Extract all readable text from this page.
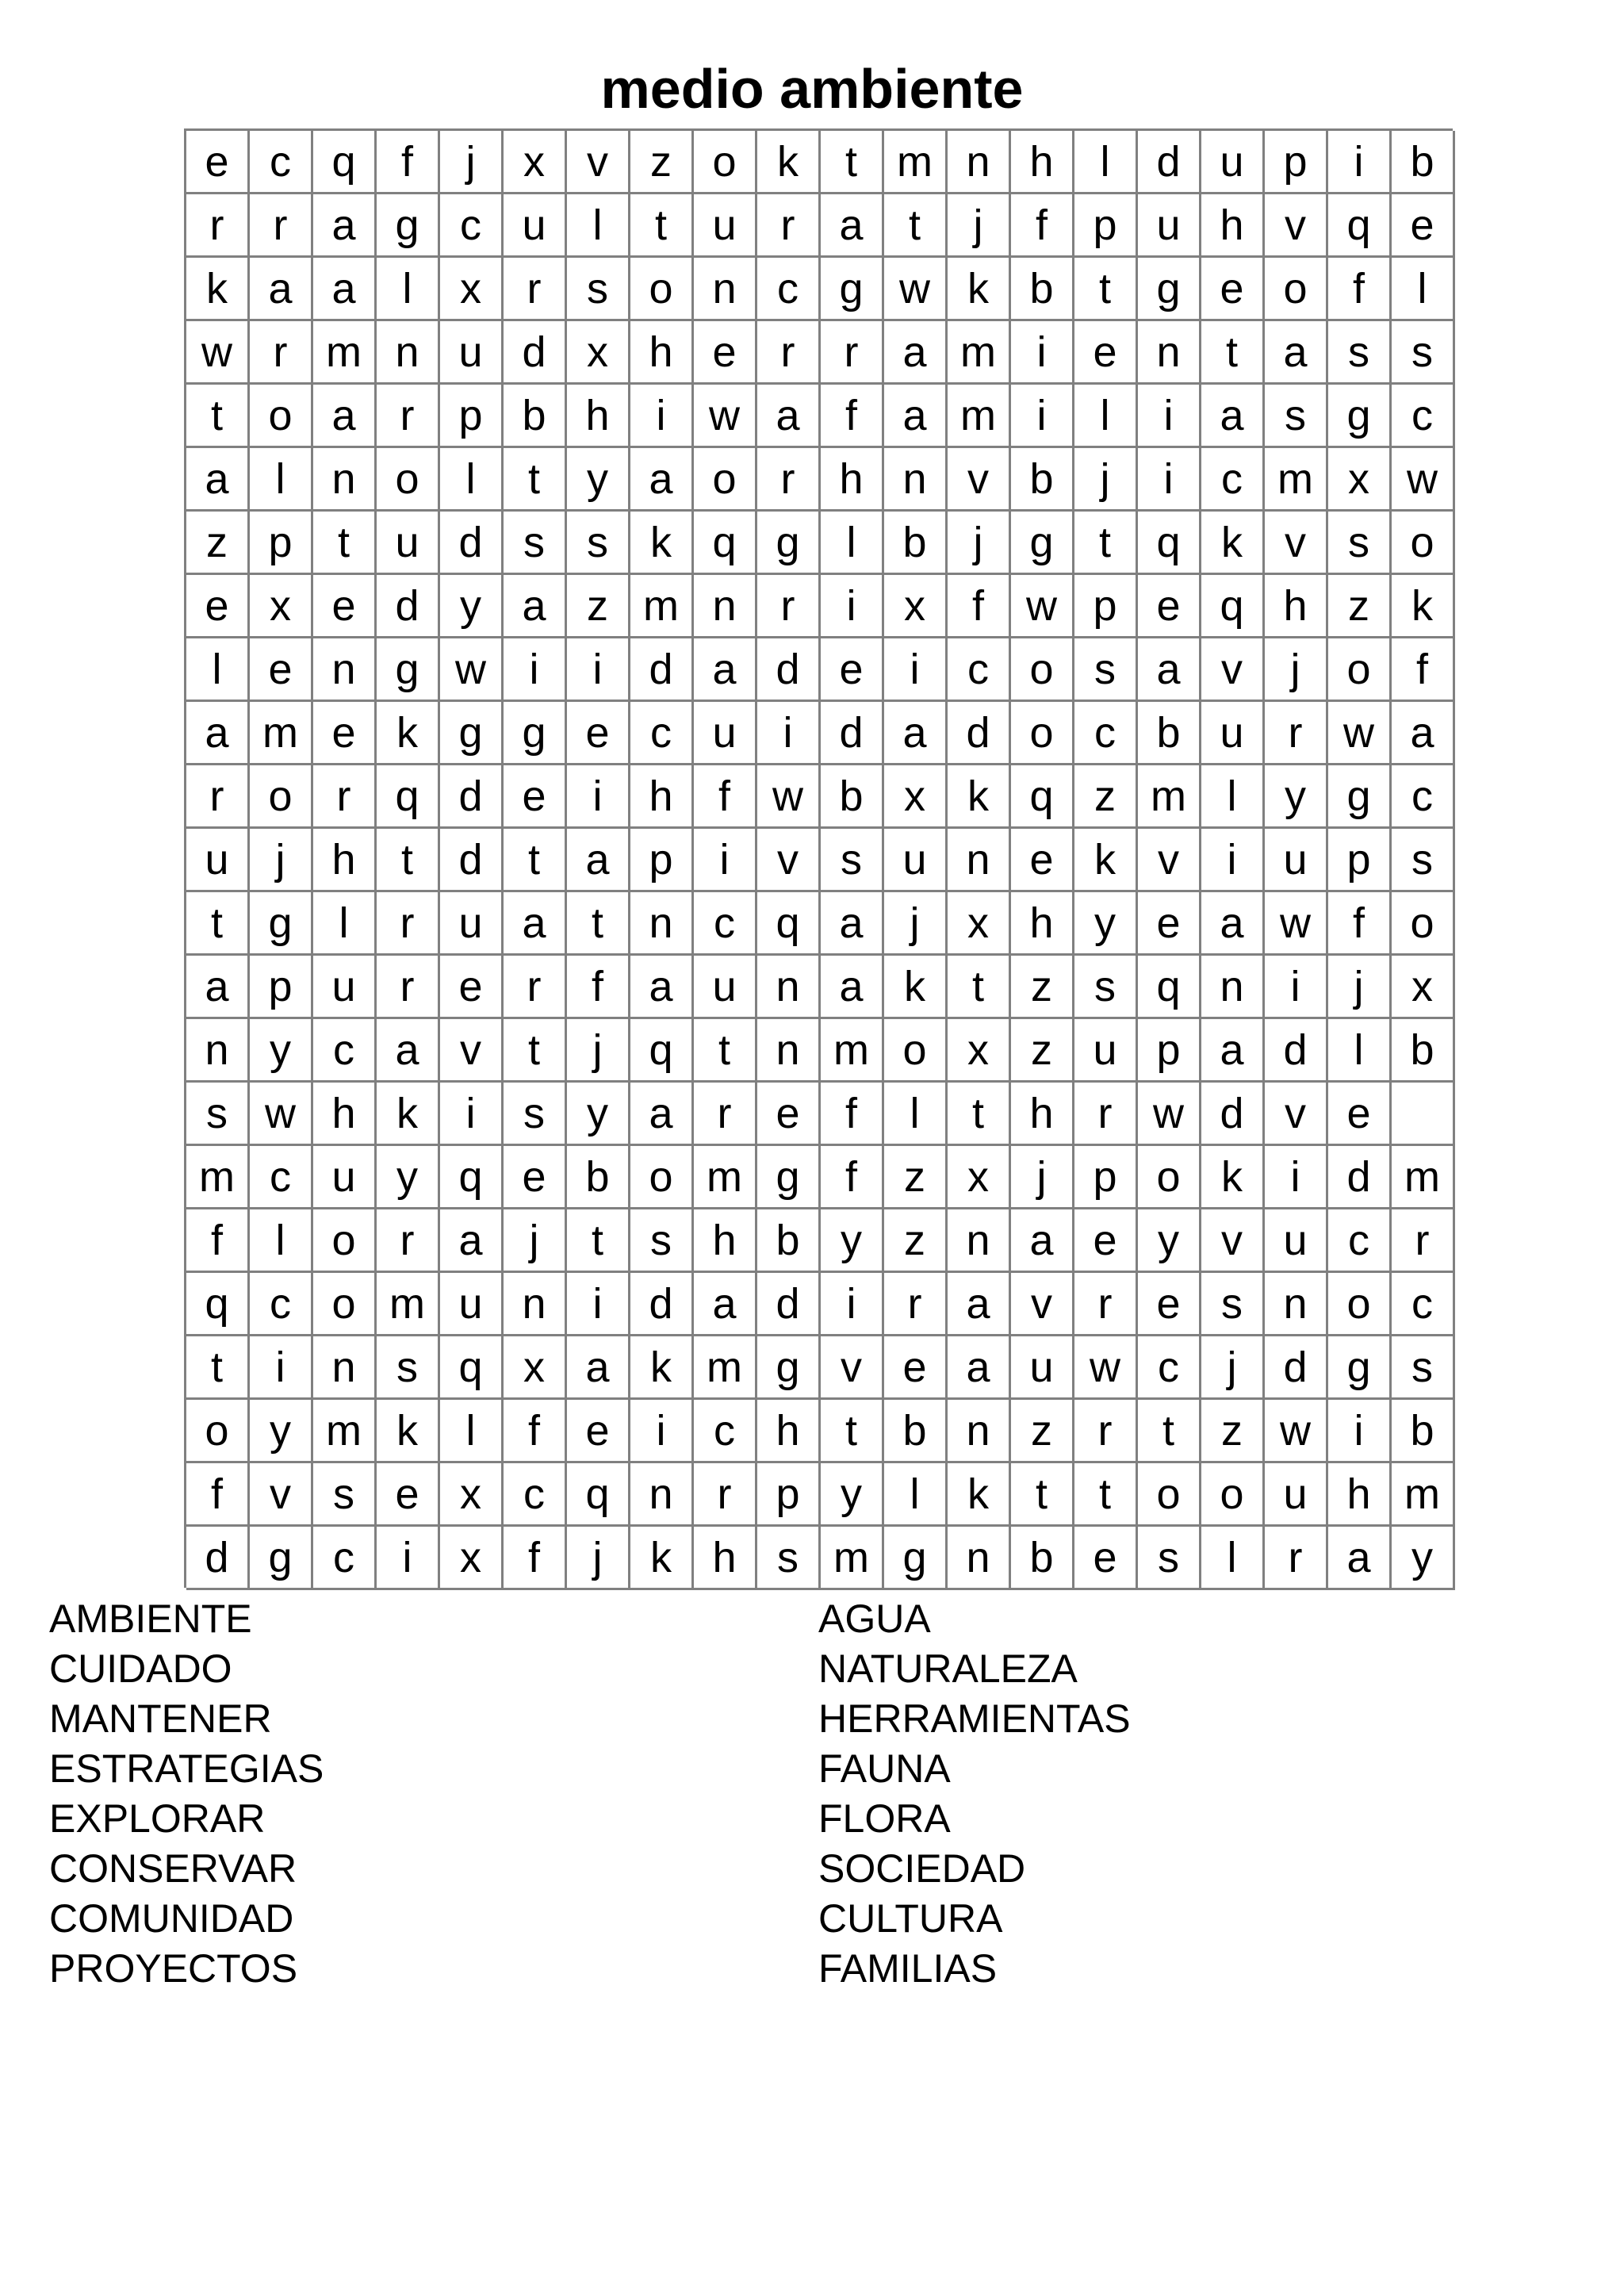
medio ambiente
e c q	f	j	x v z o k	t m n h	l	d u p	i	b
r	r	a g c u	l	t	u	r	a	t	j	f	p u h v q e
k a a	l	x	r	s o n c g w k b	t	g e o	f	l
w r m n u d x h e	r	r	a m i	e n	t	a s s
t	o a	r	p b h	i	w a	f	a m i	l	i	a s g c
a	l	n o	l	t	y a o	r	h n v b	j	i	c m x w
z p	t	u d s s k q g	l	b	j	g	t	q k v s o
e x e d y a z m n	r	i	x	f w p e q h z k
l	e n g w	i	i	d a d e	i	c o s a v	j	o	f
a m e k g g e c u	i	d a d o c b u	r w a
r	o	r	q d e	i	h	f w b x k q z m l	y g c
u	j	h	t	d	t	a p	i	v s u n e k v	i	u p s
t	g	l	r	u a	t	n c q a	j	x h y e a w f	o
a p u	r	e	r	f	a u n a k	t	z s q n	i	j	x
n y c a v	t	j	q	t	n m o x z u p a d	l	b
s w h k	i	s y a	r	e	f	l	t	h	r w d v e
m c u y q e b o m g	f	z x	j	p o k	i	d m
f	l	o	r	a	j	t	s h b y z n a e y v u c	r
q c o m u n	i	d a d	i	r	a v	r	e s n o c
t	i	n s q x a k m g v e a u w c	j	d g s
o y m k	l	f	e	i	c h	t	b n z	r	t	z w	i	b
f	v s e x c q n	r	p y	l	k	t	t	o o u h m
d g c	i	x	f	j	k h s m g n b e s	l	r	a y
AMBIENTE
CUIDADO
MANTENER
ESTRATEGIAS
EXPLORAR
CONSERVAR
COMUNIDAD
PROYECTOS
AGUA
NATURALEZA
HERRAMIENTAS
FAUNA
FLORA
SOCIEDAD
CULTURA
FAMILIAS
